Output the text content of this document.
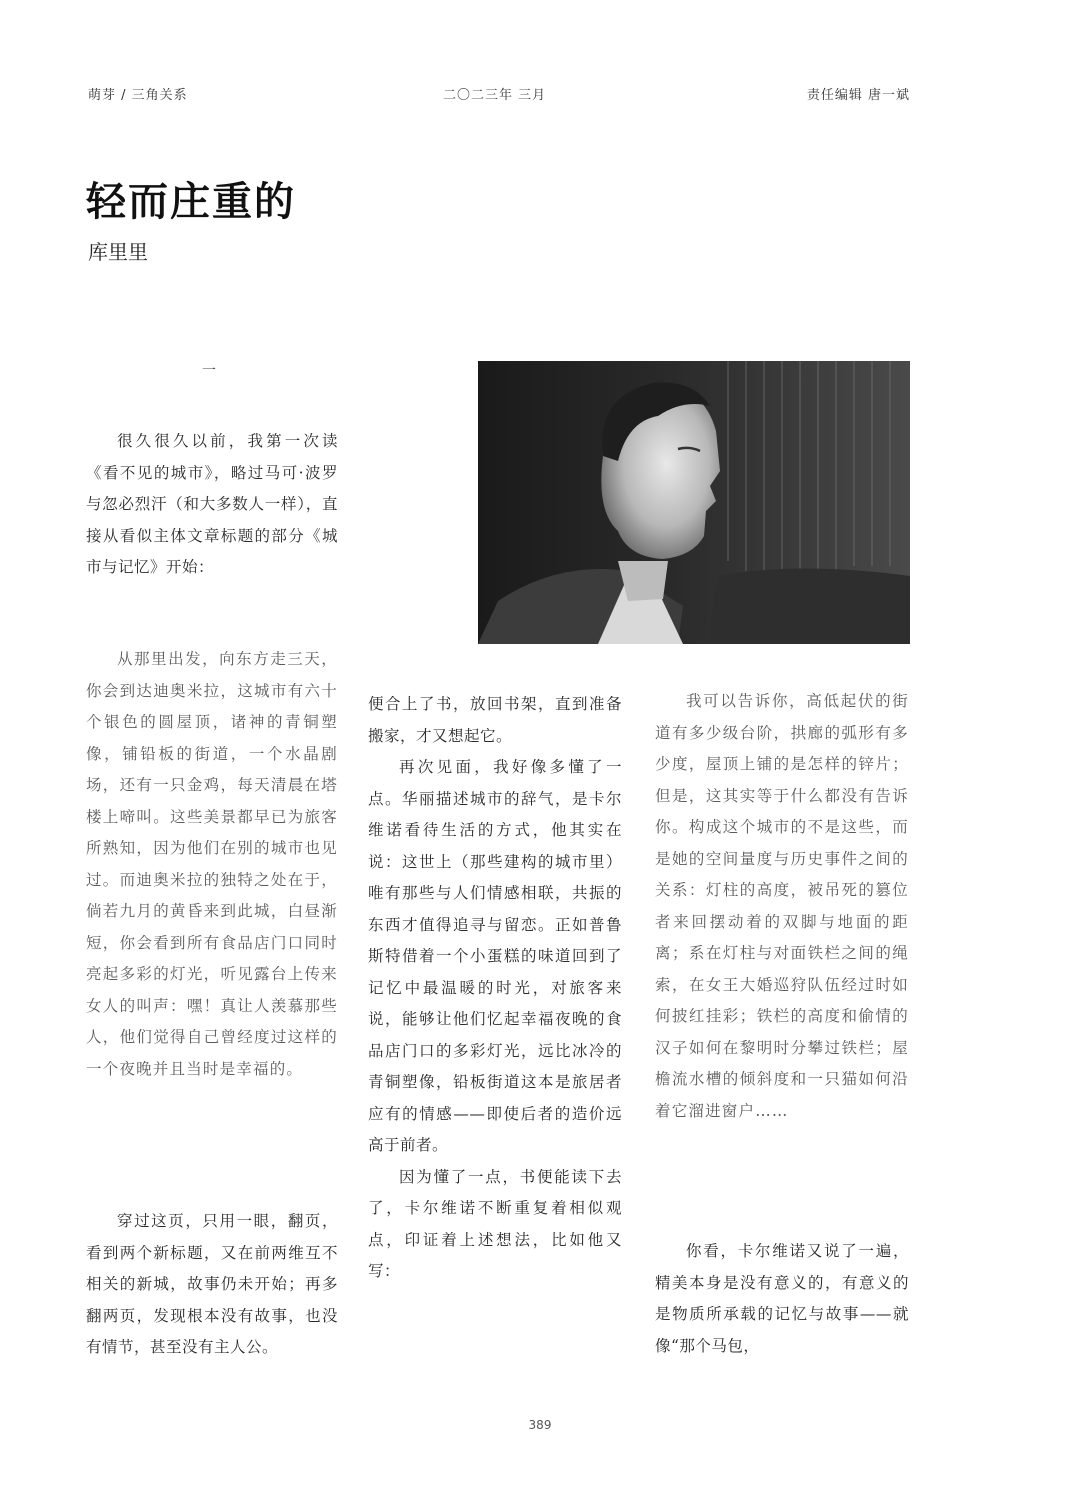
萌芽 / 三角关系	二〇二三年 三月	责任编辑 唐一斌
轻而庄重的
库里里
一

很久很久以前，我第一次读《看不见的城市》，略过马可·波罗与忽必烈汗（和大多数人一样），直接从看似主体文章标题的部分《城市与记忆》开始：

从那里出发，向东方走三天，你会到达迪奥米拉，这城市有六十个银色的圆屋顶，诸神的青铜塑像，铺铅板的街道，一个水晶剧场，还有一只金鸡，每天清晨在塔楼上啼叫。这些美景都早已为旅客所熟知，因为他们在别的城市也见过。而迪奥米拉的独特之处在于，倘若九月的黄昏来到此城，白昼渐短，你会看到所有食品店门口同时亮起多彩的灯光，听见露台上传来女人的叫声：嘿！真让人羡慕那些人，他们觉得自己曾经度过这样的一个夜晚并且当时是幸福的。

穿过这页，只用一眼，翻页，看到两个新标题，又在前两维互不相关的新城，故事仍未开始；再多翻两页，发现根本没有故事，也没有情节，甚至没有主人公。

便合上了书，放回书架，直到准备搬家，才又想起它。

再次见面，我好像多懂了一点。华丽描述城市的辞气，是卡尔维诺看待生活的方式，他其实在说：这世上（那些建构的城市里）唯有那些与人们情感相联，共振的东西才值得追寻与留恋。正如普鲁斯特借着一个小蛋糕的味道回到了记忆中最温暖的时光，对旅客来说，能够让他们忆起幸福夜晚的食品店门口的多彩灯光，远比冰冷的青铜塑像，铅板街道这本是旅居者应有的情感——即使后者的造价远高于前者。

因为懂了一点，书便能读下去了，卡尔维诺不断重复着相似观点，印证着上述想法，比如他又写：

我可以告诉你，高低起伏的街道有多少级台阶，拱廊的弧形有多少度，屋顶上铺的是怎样的锌片；但是，这其实等于什么都没有告诉你。构成这个城市的不是这些，而是她的空间量度与历史事件之间的关系：灯柱的高度，被吊死的篡位者来回摆动着的双脚与地面的距离；系在灯柱与对面铁栏之间的绳索，在女王大婚巡狩队伍经过时如何披红挂彩；铁栏的高度和偷情的汉子如何在黎明时分攀过铁栏；屋檐流水槽的倾斜度和一只猫如何沿着它溜进窗户……

你看，卡尔维诺又说了一遍，精美本身是没有意义的，有意义的是物质所承载的记忆与故事——就像“那个马包，

389
